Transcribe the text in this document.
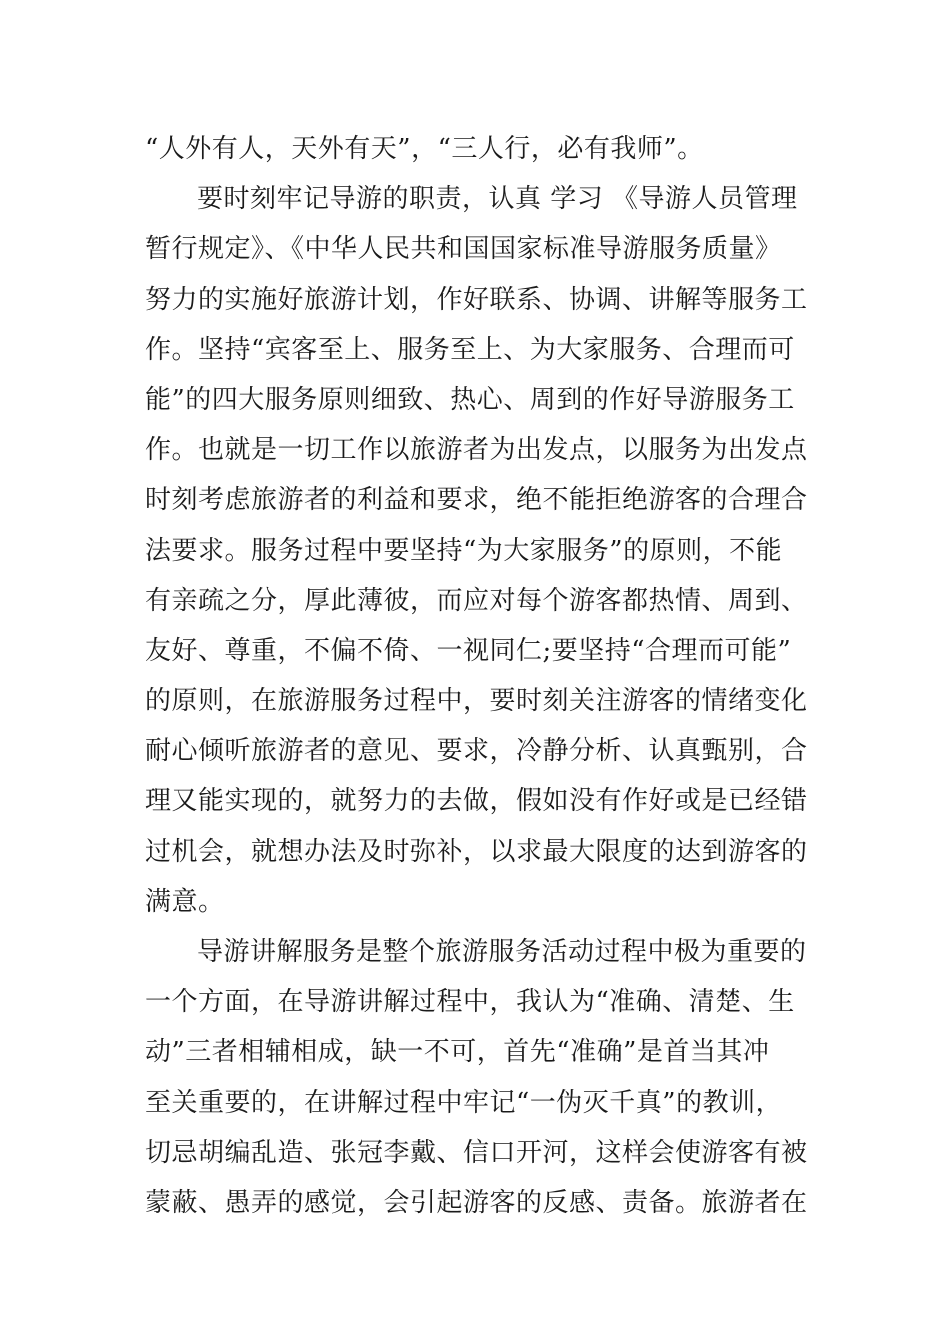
“人外有人，天外有天”，“三人行，必有我师”。
要时刻牢记导游的职责，认真 学习 《导游人员管理
暂行规定》、《中华人民共和国国家标准导游服务质量》
努力的实施好旅游计划，作好联系、协调、讲解等服务工
作。坚持“宾客至上、服务至上、为大家服务、合理而可
能”的四大服务原则细致、热心、周到的作好导游服务工
作。也就是一切工作以旅游者为出发点，以服务为出发点
时刻考虑旅游者的利益和要求，绝不能拒绝游客的合理合
法要求。服务过程中要坚持“为大家服务”的原则，不能
有亲疏之分，厚此薄彼，而应对每个游客都热情、周到、
友好、尊重，不偏不倚、一视同仁;要坚持“合理而可能”
的原则，在旅游服务过程中，要时刻关注游客的情绪变化
耐心倾听旅游者的意见、要求，冷静分析、认真甄别，合
理又能实现的，就努力的去做，假如没有作好或是已经错
过机会，就想办法及时弥补，以求最大限度的达到游客的
满意。
导游讲解服务是整个旅游服务活动过程中极为重要的
一个方面，在导游讲解过程中，我认为“准确、清楚、生
动”三者相辅相成，缺一不可，首先“准确”是首当其冲
至关重要的，在讲解过程中牢记“一伪灭千真”的教训，
切忌胡编乱造、张冠李戴、信口开河，这样会使游客有被
蒙蔽、愚弄的感觉，会引起游客的反感、责备。旅游者在
